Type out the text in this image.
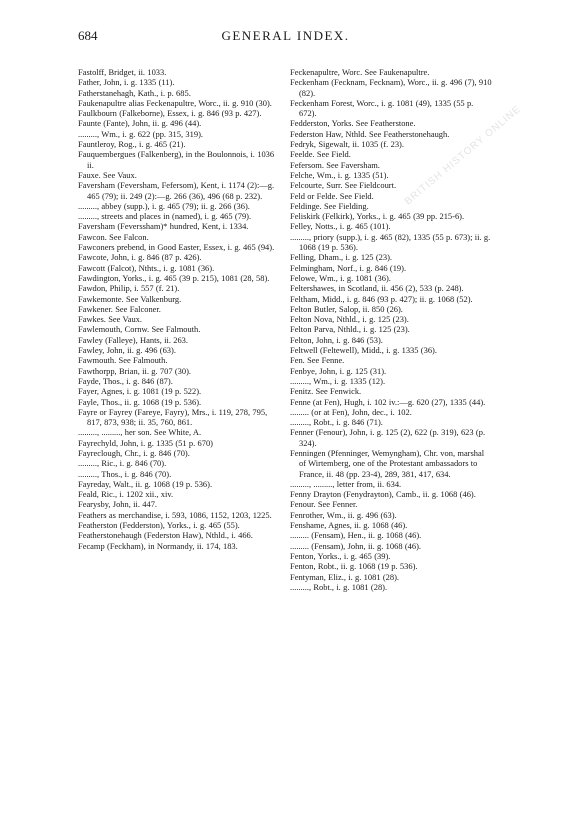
BRITISH HISTORY ONLINE
684	GENERAL INDEX.
Fastolff, Bridget, ii. 1033.
Father, John, i. g. 1335 (11).
Fatherstanehagh, Kath., i. p. 685.
Faukenapultre alias Feckenapultre, Worc., ii. g. 910 (30).
Faulkbourn (Falkeborne), Essex, i. g. 846 (93 p. 427).
Faunte (Fante), John, ii. g. 496 (44).
........., Wm., i. g. 622 (pp. 315, 319).
Fauntleroy, Rog., i. g. 465 (21).
Fauquembergues (Falkenberg), in the Boulonnois, i. 1036 ii.
Fauxe. See Vaux.
Faversham (Feversham, Fefersom), Kent, i. 1174 (2):—g. 465 (79); ii. 249 (2):—g. 266 (36), 496 (68 p. 232).
........., abbey (supp.), i. g. 465 (79); ii. g. 266 (36).
........., streets and places in (named), i. g. 465 (79).
Faversham (Feverssham)* hundred, Kent, i. 1334.
Fawcon. See Falcon.
Fawconers prebend, in Good Easter, Essex, i. g. 465 (94).
Fawcote, John, i. g. 846 (87 p. 426).
Fawcott (Falcot), Nthts., i. g. 1081 (36).
Fawdington, Yorks., i. g. 465 (39 p. 215), 1081 (28, 58).
Fawdon, Philip, i. 557 (f. 21).
Fawkemonte. See Valkenburg.
Fawkener. See Falconer.
Fawkes. See Vaux.
Fawlemouth, Cornw. See Falmouth.
Fawley (Falleye), Hants, ii. 263.
Fawley, John, ii. g. 496 (63).
Fawmouth. See Falmouth.
Fawthorpp, Brian, ii. g. 707 (30).
Fayde, Thos., i. g. 846 (87).
Fayer, Agnes, i. g. 1081 (19 p. 522).
Fayle, Thos., ii. g. 1068 (19 p. 536).
Fayre or Fayrey (Fareye, Fayry), Mrs., i. 119, 278, 795, 817, 873, 938; ii. 35, 760, 861.
........., ........., her son. See White, A.
Fayrechyld, John, i. g. 1335 (51 p. 670)
Fayreclough, Chr., i. g. 846 (70).
........., Ric., i. g. 846 (70).
........., Thos., i. g. 846 (70).
Fayreday, Walt., ii. g. 1068 (19 p. 536).
Feald, Ric., i. 1202 xii., xiv.
Fearysby, John, ii. 447.
Feathers as merchandise, i. 593, 1086, 1152, 1203, 1225.
Featherston (Fedderston), Yorks., i. g. 465 (55).
Featherstonehaugh (Federston Haw), Nthld., i. 466.
Fecamp (Feckham), in Normandy, ii. 174, 183.
Feckenapultre, Worc. See Faukenapultre.
Feckenham (Fecknam, Fecknam), Worc., ii. g. 496 (7), 910 (82).
Feckenham Forest, Worc., i. g. 1081 (49), 1335 (55 p. 672).
Fedderston, Yorks. See Featherstone.
Federston Haw, Nthld. See Featherstonehaugh.
Fedryk, Sigewalt, ii. 1035 (f. 23).
Feelde. See Field.
Fefersom. See Faversham.
Felche, Wm., i. g. 1335 (51).
Felcourte, Surr. See Fieldcourt.
Feld or Felde. See Field.
Feldinge. See Fielding.
Feliskirk (Felkirk), Yorks., i. g. 465 (39 pp. 215-6).
Felley, Notts., i. g. 465 (101).
........., priory (supp.), i. g. 465 (82), 1335 (55 p. 673); ii. g. 1068 (19 p. 536).
Felling, Dham., i. g. 125 (23).
Felmingham, Norf., i. g. 846 (19).
Felowe, Wm., i. g. 1081 (36).
Feltershawes, in Scotland, ii. 456 (2), 533 (p. 248).
Feltham, Midd., i. g. 846 (93 p. 427); ii. g. 1068 (52).
Felton Butler, Salop, ii. 850 (26).
Felton Nova, Nthld., i. g. 125 (23).
Felton Parva, Nthld., i. g. 125 (23).
Felton, John, i. g. 846 (53).
Feltwell (Feltewell), Midd., i. g. 1335 (36).
Fen. See Fenne.
Fenbye, John, i. g. 125 (31).
........., Wm., i. g. 1335 (12).
Fenitz. See Fenwick.
Fenne (at Fen), Hugh, i. 102 iv.:—g. 620 (27), 1335 (44).
......... (or at Fen), John, dec., i. 102.
........., Robt., i. g. 846 (71).
Fenner (Fenour), John, i. g. 125 (2), 622 (p. 319), 623 (p. 324).
Fenningen (Pfenninger, Wemyngham), Chr. von, marshal of Wirtemberg, one of the Protestant ambassadors to France, ii. 48 (pp. 23-4), 289, 381, 417, 634.
........., ........., letter from, ii. 634.
Fenny Drayton (Fenydrayton), Camb., ii. g. 1068 (46).
Fenour. See Fenner.
Fenrother, Wm., ii. g. 496 (63).
Fenshame, Agnes, ii. g. 1068 (46).
......... (Fensam), Hen., ii. g. 1068 (46).
......... (Fensam), John, ii. g. 1068 (46).
Fenton, Yorks., i. g. 465 (39).
Fenton, Robt., ii. g. 1068 (19 p. 536).
Fentyman, Eliz., i. g. 1081 (28).
........., Robt., i. g. 1081 (28).
